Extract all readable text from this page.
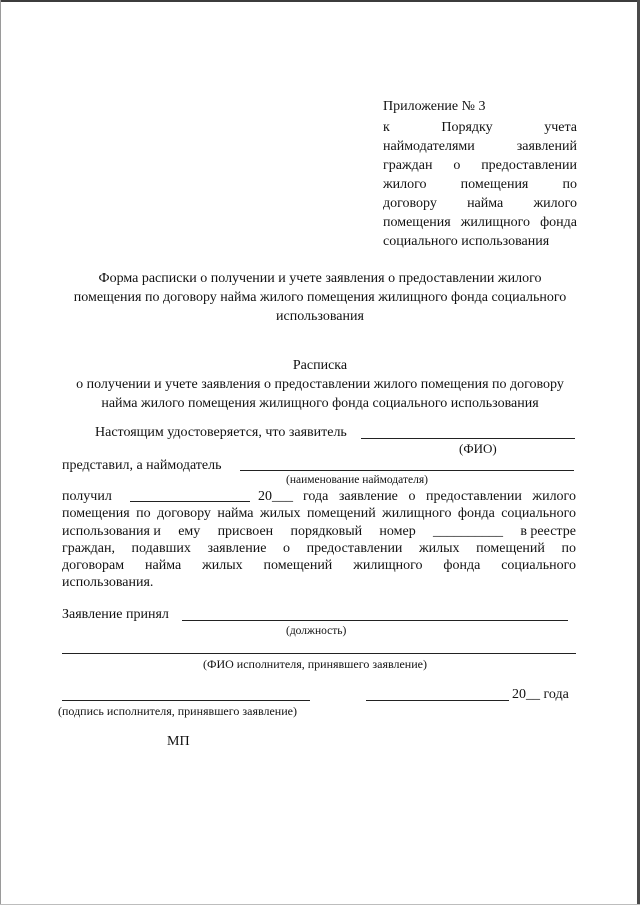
Приложение № 3
к	Порядку	учета
наймодателями	заявлений
граждан о предоставлении
жилого помещения по
договору найма жилого
помещения жилищного фонда
социального использования
Форма расписки о получении и учете заявления о предоставлении жилого
помещения по договору найма жилого помещения жилищного фонда социального
использования
Расписка
о получении и учете заявления о предоставлении жилого помещения по договору
найма жилого помещения жилищного фонда социального использования
Настоящим удостоверяется, что заявитель
(ФИО)
представил, а наймодатель
(наименование наймодателя)
получил	20___ года заявление о предоставлении жилого
помещения по договору найма жилых помещений жилищного фонда социального
использования и ему присвоен порядковый номер __________ в реестре
граждан, подавших заявление о предоставлении жилых помещений по
договорам найма жилых помещений жилищного фонда социального
использования.
Заявление принял
(должность)
(ФИО исполнителя, принявшего заявление)
20__ года
(подпись исполнителя, принявшего заявление)
МП
